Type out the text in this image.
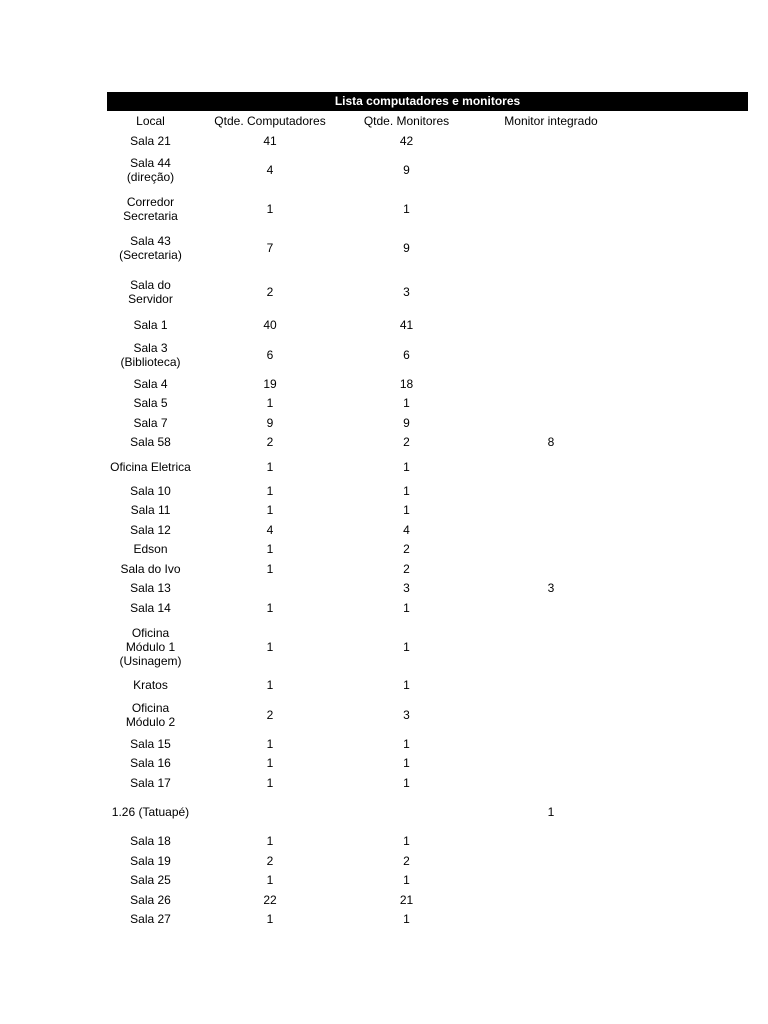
Lista computadores e monitores
Local	Qtde. Computadores	Qtde. Monitores	Monitor integrado	
Sala 21	41	42		
Sala 44
(direção)	4	9		
Corredor
Secretaria	1	1		
Sala 43
(Secretaria)	7	9		
Sala do
Servidor	2	3		
Sala 1	40	41		
Sala 3
(Biblioteca)	6	6		
Sala 4	19	18		
Sala 5	1	1		
Sala 7	9	9		
Sala 58	2	2	8	
Oficina Eletrica	1	1		
Sala 10	1	1		
Sala 11	1	1		
Sala 12	4	4		
Edson	1	2		
Sala do Ivo	1	2		
Sala 13		3	3	
Sala 14	1	1		
Oficina
Módulo 1
(Usinagem)	1	1		
Kratos	1	1		
Oficina
Módulo 2	2	3		
Sala 15	1	1		
Sala 16	1	1		
Sala 17	1	1		
1.26 (Tatuapé)			1	
Sala 18	1	1		
Sala 19	2	2		
Sala 25	1	1		
Sala 26	22	21		
Sala 27	1	1		
